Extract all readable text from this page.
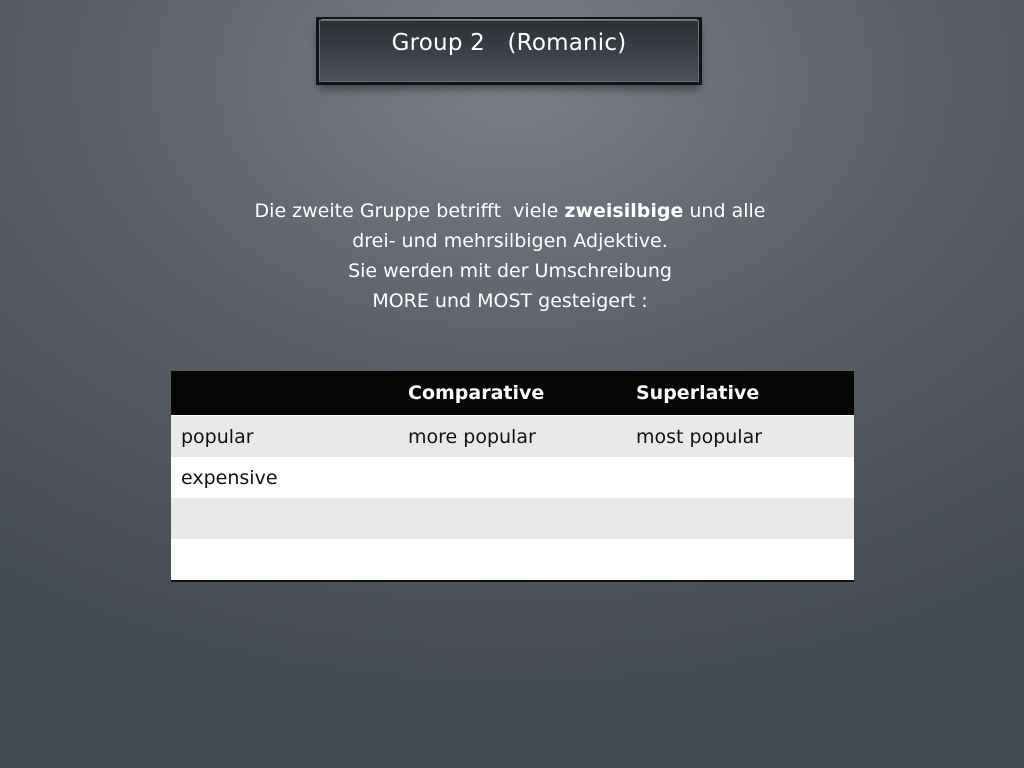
Group 2   (Romanic)
Die zweite Gruppe betrifft  viele zweisilbige und alle
drei- und mehrsilbigen Adjektive.
Sie werden mit der Umschreibung
MORE und MOST gesteigert :
	Comparative	Superlative
popular	more popular	most popular
expensive		
